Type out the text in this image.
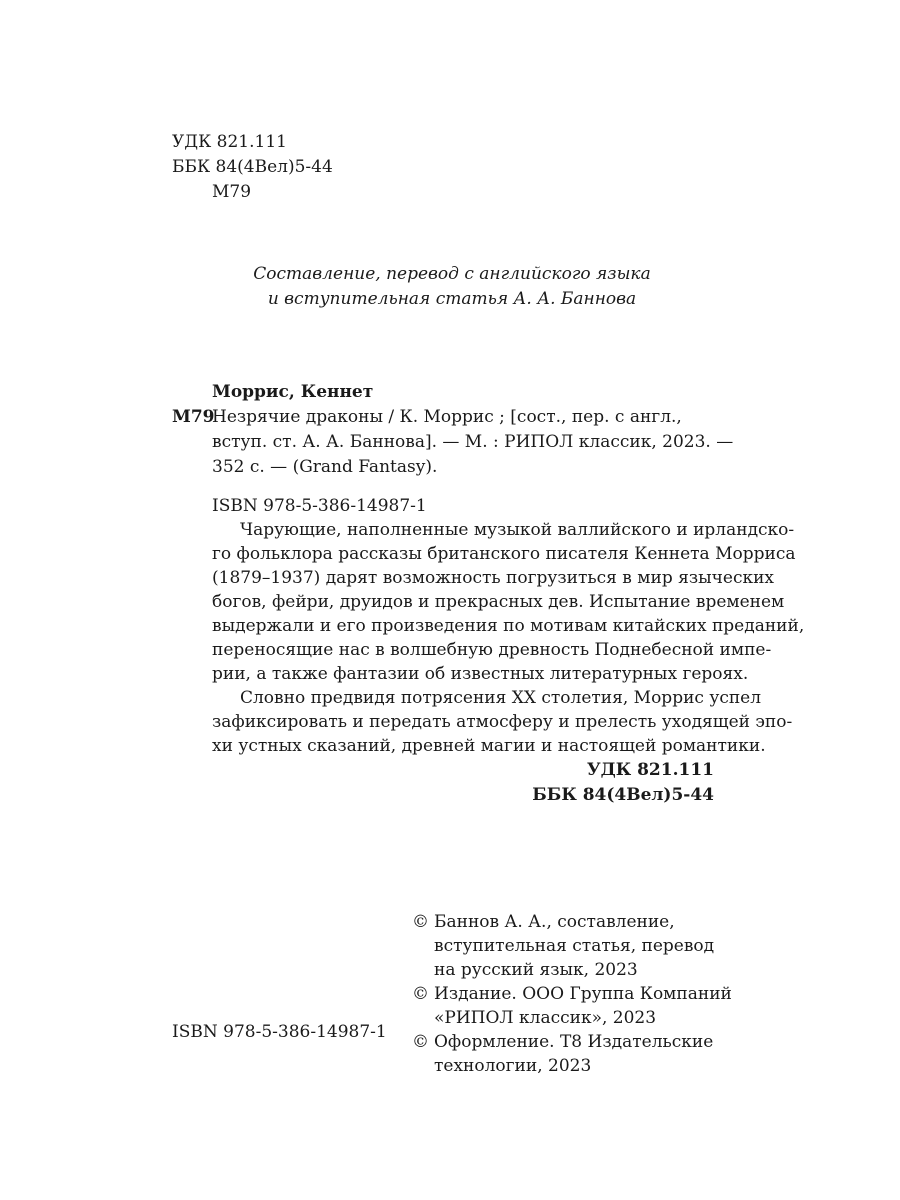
УДК 821.111
ББК 84(4Вел)5-44
М79
Составление, перевод с английского языка
и вступительная статья А. А. Баннова
Моррис, Кеннет
М79
Незрячие драконы / К. Моррис ; [сост., пер. с англ.,
вступ. ст. А. А. Баннова]. — М. : РИПОЛ классик, 2023. —
352 с. — (Grand Fantasy).
ISBN 978-5-386-14987-1
Чарующие, наполненные музыкой валлийского и ирландско-
го фольклора рассказы британского писателя Кеннета Морриса
(1879–1937) дарят возможность погрузиться в мир языческих
богов, фейри, друидов и прекрасных дев. Испытание временем
выдержали и его произведения по мотивам китайских преданий,
переносящие нас в волшебную древность Поднебесной импе-
рии, а также фантазии об известных литературных героях.
Словно предвидя потрясения XX столетия, Моррис успел
зафиксировать и передать атмосферу и прелесть уходящей эпо-
хи устных сказаний, древней магии и настоящей романтики.
УДК 821.111
ББК 84(4Вел)5-44
© Баннов А. А., составление,
вступительная статья, перевод
на русский язык, 2023
© Издание. ООО Группа Компаний
«РИПОЛ классик», 2023
© Оформление. Т8 Издательские
технологии, 2023
ISBN 978-5-386-14987-1
